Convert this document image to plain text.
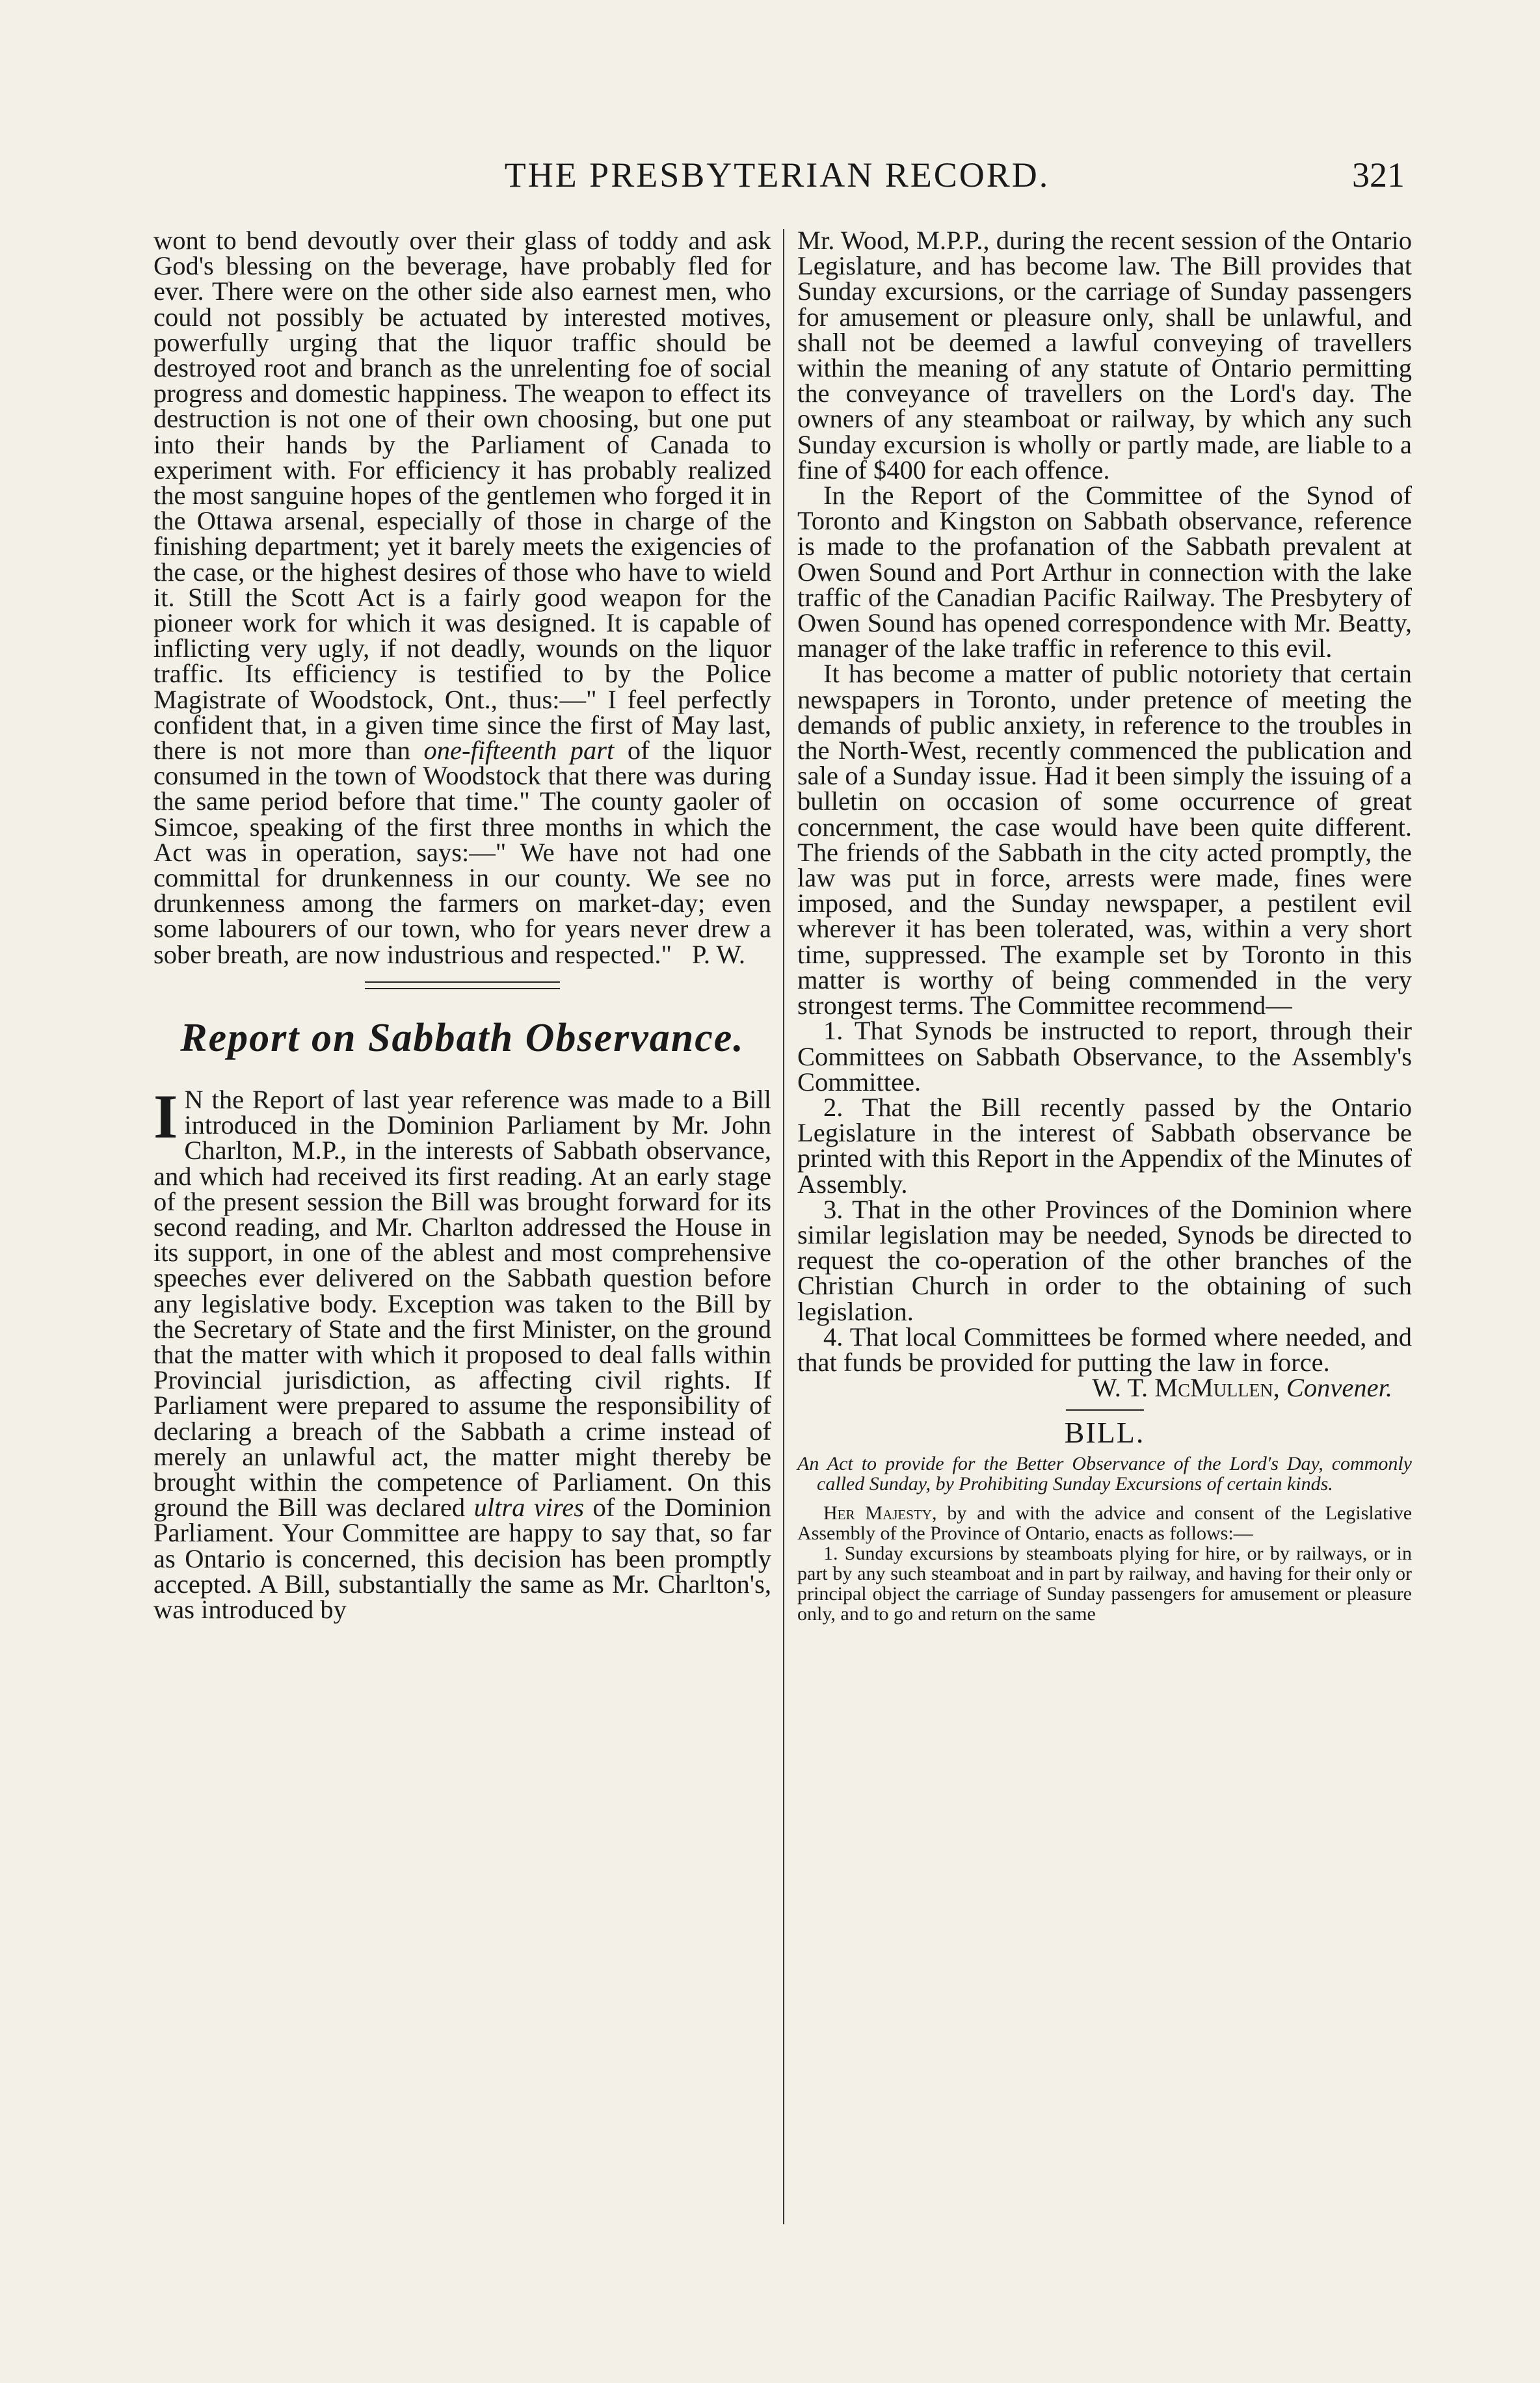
THE PRESBYTERIAN RECORD.	321

wont to bend devoutly over their glass of toddy and ask God's blessing on the beverage, have probably fled for ever. There were on the other side also earnest men, who could not possibly be actuated by interested motives, powerfully urging that the liquor traffic should be destroyed root and branch as the unrelenting foe of social progress and domestic happiness. The weapon to effect its destruction is not one of their own choosing, but one put into their hands by the Parliament of Canada to experiment with. For efficiency it has probably realized the most sanguine hopes of the gentlemen who forged it in the Ottawa arsenal, especially of those in charge of the finishing department; yet it barely meets the exigencies of the case, or the highest desires of those who have to wield it. Still the Scott Act is a fairly good weapon for the pioneer work for which it was designed. It is capable of inflicting very ugly, if not deadly, wounds on the liquor traffic. Its efficiency is testified to by the Police Magistrate of Woodstock, Ont., thus:—" I feel perfectly confident that, in a given time since the first of May last, there is not more than one-fifteenth part of the liquor consumed in the town of Woodstock that there was during the same period before that time." The county gaoler of Simcoe, speaking of the first three months in which the Act was in operation, says:—" We have not had one committal for drunkenness in our county. We see no drunkenness among the farmers on market-day; even some labourers of our town, who for years never drew a sober breath, are now industrious and respected." P. W.

Report on Sabbath Observance.

I N the Report of last year reference was made to a Bill introduced in the Dominion Parliament by Mr. John Charlton, M.P., in the interests of Sabbath observance, and which had received its first reading. At an early stage of the present session the Bill was brought forward for its second reading, and Mr. Charlton addressed the House in its support, in one of the ablest and most comprehensive speeches ever delivered on the Sabbath question before any legislative body. Exception was taken to the Bill by the Secretary of State and the first Minister, on the ground that the matter with which it proposed to deal falls within Provincial jurisdiction, as affecting civil rights. If Parliament were prepared to assume the responsibility of declaring a breach of the Sabbath a crime instead of merely an unlawful act, the matter might thereby be brought within the competence of Parliament. On this ground the Bill was declared ultra vires of the Dominion Parliament. Your Committee are happy to say that, so far as Ontario is concerned, this decision has been promptly accepted. A Bill, substantially the same as Mr. Charlton's, was introduced by

Mr. Wood, M.P.P., during the recent session of the Ontario Legislature, and has become law. The Bill provides that Sunday excursions, or the carriage of Sunday passengers for amusement or pleasure only, shall be unlawful, and shall not be deemed a lawful conveying of travellers within the meaning of any statute of Ontario permitting the conveyance of travellers on the Lord's day. The owners of any steamboat or railway, by which any such Sunday excursion is wholly or partly made, are liable to a fine of $400 for each offence.

In the Report of the Committee of the Synod of Toronto and Kingston on Sabbath observance, reference is made to the profanation of the Sabbath prevalent at Owen Sound and Port Arthur in connection with the lake traffic of the Canadian Pacific Railway. The Presbytery of Owen Sound has opened correspondence with Mr. Beatty, manager of the lake traffic in reference to this evil.

It has become a matter of public notoriety that certain newspapers in Toronto, under pretence of meeting the demands of public anxiety, in reference to the troubles in the North-West, recently commenced the publication and sale of a Sunday issue. Had it been simply the issuing of a bulletin on occasion of some occurrence of great concernment, the case would have been quite different. The friends of the Sabbath in the city acted promptly, the law was put in force, arrests were made, fines were imposed, and the Sunday newspaper, a pestilent evil wherever it has been tolerated, was, within a very short time, suppressed. The example set by Toronto in this matter is worthy of being commended in the very strongest terms. The Committee recommend—

1. That Synods be instructed to report, through their Committees on Sabbath Observance, to the Assembly's Committee.

2. That the Bill recently passed by the Ontario Legislature in the interest of Sabbath observance be printed with this Report in the Appendix of the Minutes of Assembly.

3. That in the other Provinces of the Dominion where similar legislation may be needed, Synods be directed to request the co-operation of the other branches of the Christian Church in order to the obtaining of such legislation.

4. That local Committees be formed where needed, and that funds be provided for putting the law in force.

W. T. McMullen, Convener.

BILL.

An Act to provide for the Better Observance of the Lord's Day, commonly called Sunday, by Prohibiting Sunday Excursions of certain kinds.

Her Majesty, by and with the advice and consent of the Legislative Assembly of the Province of Ontario, enacts as follows:—

1. Sunday excursions by steamboats plying for hire, or by railways, or in part by any such steamboat and in part by railway, and having for their only or principal object the carriage of Sunday passengers for amusement or pleasure only, and to go and return on the same
